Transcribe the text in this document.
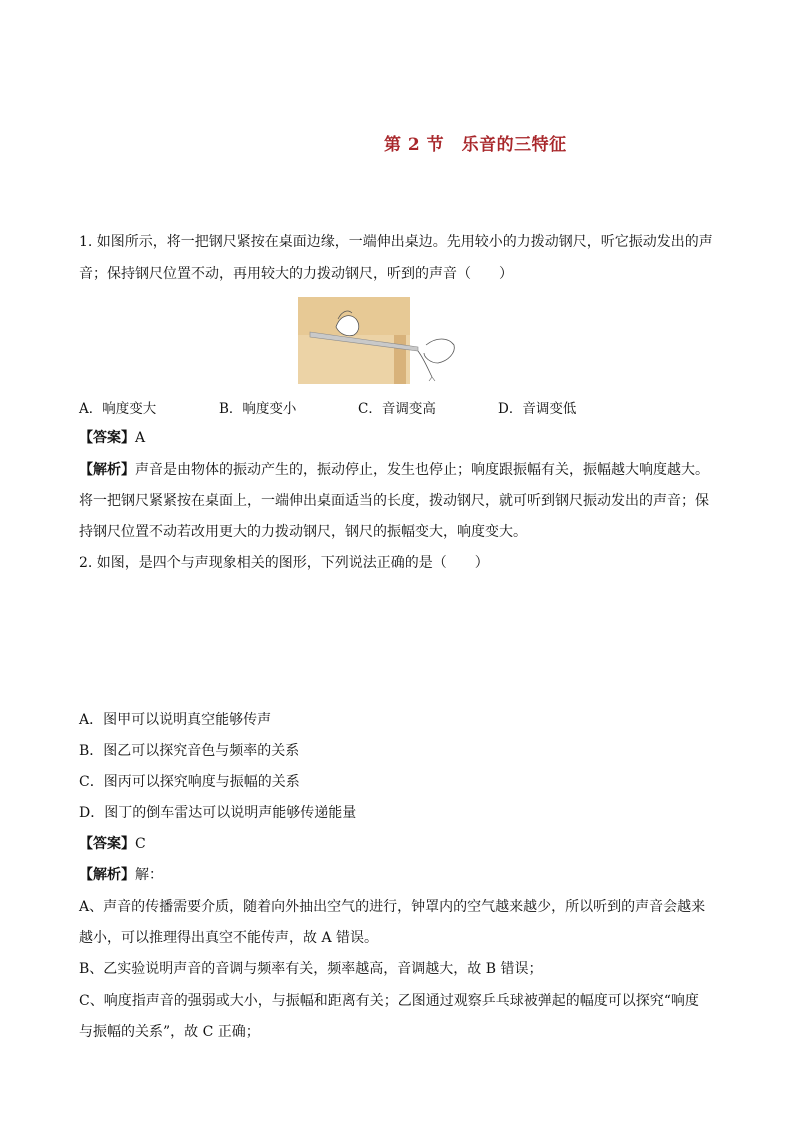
第 2 节　乐音的三特征
1. 如图所示，将一把钢尺紧按在桌面边缘，一端伸出桌边。先用较小的力拨动钢尺，听它振动发出的声
音；保持钢尺位置不动，再用较大的力拨动钢尺，听到的声音（　　）
A．响度变大	B．响度变小	C．音调变高	D．音调变低
【答案】A
【解析】声音是由物体的振动产生的，振动停止，发生也停止；响度跟振幅有关，振幅越大响度越大。
将一把钢尺紧紧按在桌面上，一端伸出桌面适当的长度，拨动钢尺，就可听到钢尺振动发出的声音；保
持钢尺位置不动若改用更大的力拨动钢尺，钢尺的振幅变大，响度变大。
2. 如图，是四个与声现象相关的图形，下列说法正确的是（　　）
A．图甲可以说明真空能够传声
B．图乙可以探究音色与频率的关系
C．图丙可以探究响度与振幅的关系
D．图丁的倒车雷达可以说明声能够传递能量
【答案】C
【解析】解：
A、声音的传播需要介质，随着向外抽出空气的进行，钟罩内的空气越来越少，所以听到的声音会越来
越小，可以推理得出真空不能传声，故 A 错误。
B、乙实验说明声音的音调与频率有关，频率越高，音调越大，故 B 错误；
C、响度指声音的强弱或大小，与振幅和距离有关；乙图通过观察乒乓球被弹起的幅度可以探究“响度
与振幅的关系”，故 C 正确；
